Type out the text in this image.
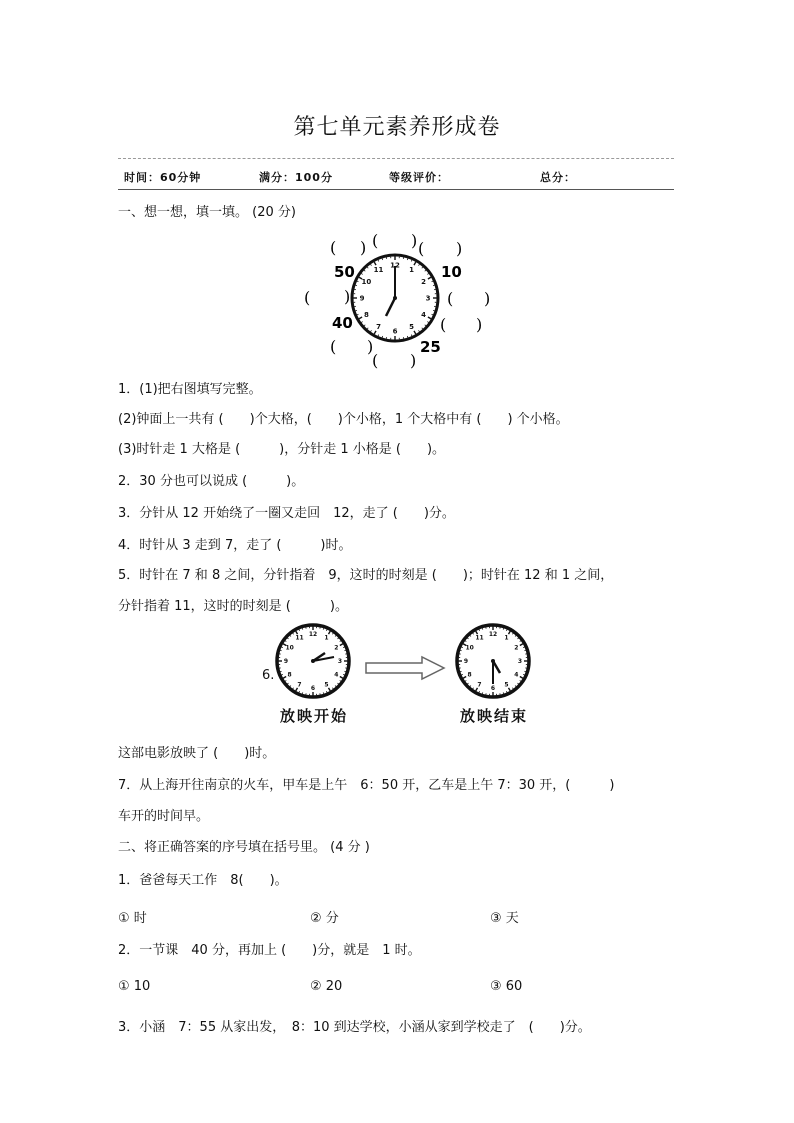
第七单元素养形成卷
时间：60分钟	满分：100分	等级评价：	总分：
一、想一想，填一填。 (20 分)
12
1
2
3
4
5
6
7
8
9
10
11
( ) ( ) ( )
50	10
( )	( )
40	( )
( )	25
( )
1．(1)把右图填写完整。
(2)钟面上一共有 (　　)个大格，(　　)个小格，1 个大格中有 (　　) 个小格。
(3)时针走 1 大格是 (　　　)，分针走 1 小格是 (　　)。
2．30 分也可以说成 (　　　)。
3．分针从 12 开始绕了一圈又走回　12，走了 (　　)分。
4．时针从 3 走到 7，走了 (　　　)时。
5．时针在 7 和 8 之间，分针指着　9，这时的时刻是 (　　)；时针在 12 和 1 之间，
分针指着 11，这时的时刻是 (　　　)。
6.
12
1
2
3
4
5
6
7
8
9
10
11
12
1
2
3
4
5
6
7
8
9
10
11
放映开始	放映结束
这部电影放映了 (　　)时。
7．从上海开往南京的火车，甲车是上午　6：50 开，乙车是上午 7：30 开，(　　　)
车开的时间早。
二、将正确答案的序号填在括号里。 (4 分 )
1．爸爸每天工作　8(　　)。
① 时	② 分	③ 天
2．一节课　40 分，再加上 (　　)分，就是　1 时。
① 10	② 20	③ 60
3．小涵　7：55 从家出发，　8：10 到达学校，小涵从家到学校走了　(　　)分。
